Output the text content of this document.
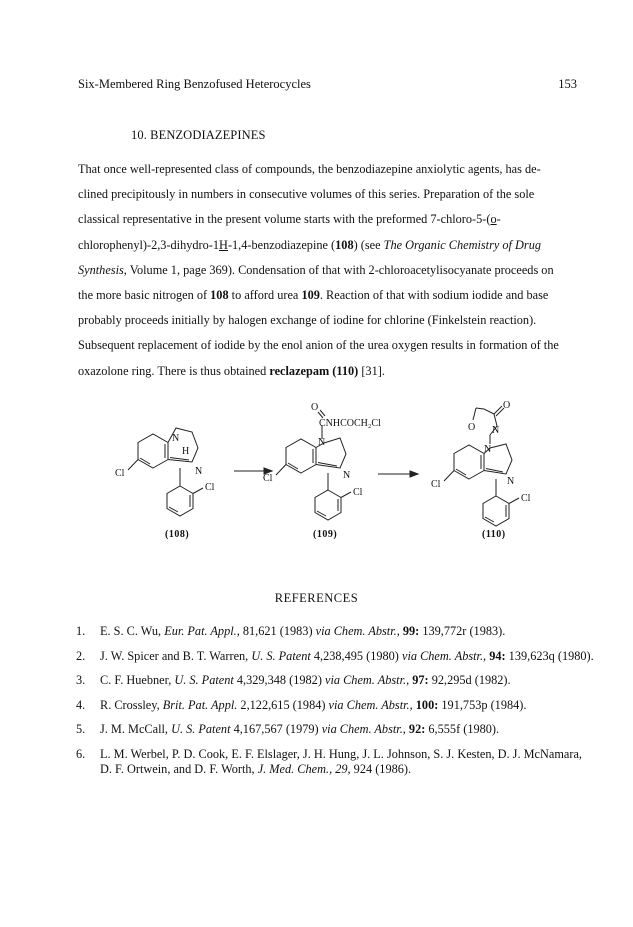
Six-Membered Ring Benzofused Heterocycles	153
10. BENZODIAZEPINES
That once well-represented class of compounds, the benzodiazepine anxiolytic agents, has de-
clined precipitously in numbers in consecutive volumes of this series. Preparation of the sole
classical representative in the present volume starts with the preformed 7-chloro-5-(o-
chlorophenyl)-2,3-dihydro-1H-1,4-benzodiazepine (108) (see The Organic Chemistry of Drug
Synthesis, Volume 1, page 369). Condensation of that with 2-chloroacetylisocyanate proceeds on
the more basic nitrogen of 108 to afford urea 109. Reaction of that with sodium iodide and base
probably proceeds initially by halogen exchange of iodine for chlorine (Finkelstein reaction).
Subsequent replacement of iodide by the enol anion of the urea oxygen results in formation of the
oxazolone ring. There is thus obtained reclazepam (110) [31].
N
H
N
Cl
Cl
(108)
O
CNHCOCH₂Cl
N
N
Cl
Cl
(109)
O
O N
N
N
Cl
Cl
(110)
REFERENCES
1. E. S. C. Wu, Eur. Pat. Appl., 81,621 (1983) via Chem. Abstr., 99: 139,772r (1983).
2. J. W. Spicer and B. T. Warren, U. S. Patent 4,238,495 (1980) via Chem. Abstr., 94: 139,623q (1980).
3. C. F. Huebner, U. S. Patent 4,329,348 (1982) via Chem. Abstr., 97: 92,295d (1982).
4. R. Crossley, Brit. Pat. Appl. 2,122,615 (1984) via Chem. Abstr., 100: 191,753p (1984).
5. J. M. McCall, U. S. Patent 4,167,567 (1979) via Chem. Abstr., 92: 6,555f (1980).
6. L. M. Werbel, P. D. Cook, E. F. Elslager, J. H. Hung, J. L. Johnson, S. J. Kesten, D. J. McNamara, D. F. Ortwein, and D. F. Worth, J. Med. Chem., 29, 924 (1986).
